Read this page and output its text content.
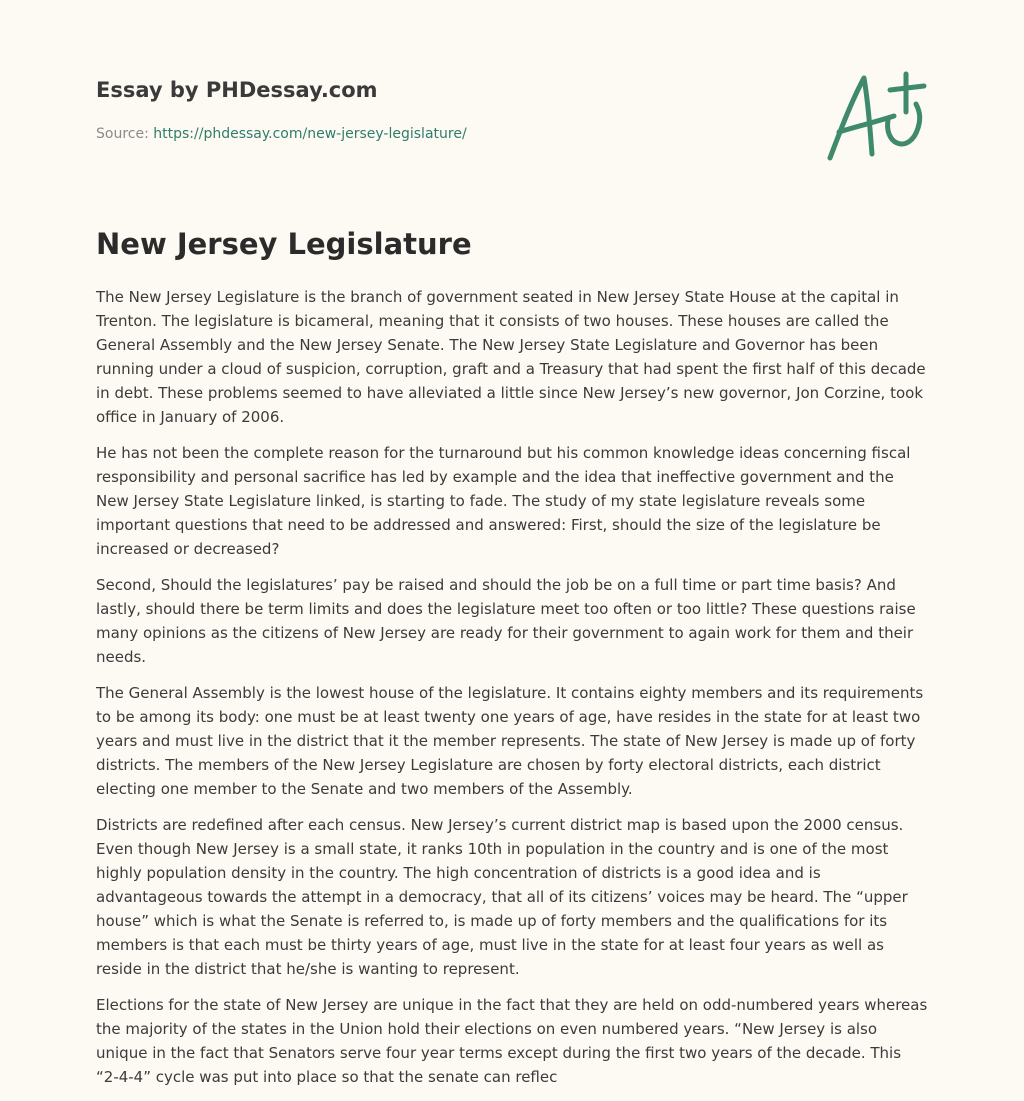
Essay by PHDessay.com
Source: https://phdessay.com/new-jersey-legislature/
New Jersey Legislature

The New Jersey Legislature is the branch of government seated in New Jersey State House at the capital in Trenton. The legislature is bicameral, meaning that it consists of two houses. These houses are called the General Assembly and the New Jersey Senate. The New Jersey State Legislature and Governor has been running under a cloud of suspicion, corruption, graft and a Treasury that had spent the first half of this decade in debt. These problems seemed to have alleviated a little since New Jersey’s new governor, Jon Corzine, took office in January of 2006.

He has not been the complete reason for the turnaround but his common knowledge ideas concerning fiscal responsibility and personal sacrifice has led by example and the idea that ineffective government and the New Jersey State Legislature linked, is starting to fade. The study of my state legislature reveals some important questions that need to be addressed and answered: First, should the size of the legislature be increased or decreased?

Second, Should the legislatures’ pay be raised and should the job be on a full time or part time basis? And lastly, should there be term limits and does the legislature meet too often or too little? These questions raise many opinions as the citizens of New Jersey are ready for their government to again work for them and their needs.

The General Assembly is the lowest house of the legislature. It contains eighty members and its requirements to be among its body: one must be at least twenty one years of age, have resides in the state for at least two years and must live in the district that it the member represents. The state of New Jersey is made up of forty districts. The members of the New Jersey Legislature are chosen by forty electoral districts, each district electing one member to the Senate and two members of the Assembly.

Districts are redefined after each census. New Jersey’s current district map is based upon the 2000 census. Even though New Jersey is a small state, it ranks 10th in population in the country and is one of the most highly population density in the country. The high concentration of districts is a good idea and is advantageous towards the attempt in a democracy, that all of its citizens’ voices may be heard. The “upper house” which is what the Senate is referred to, is made up of forty members and the qualifications for its members is that each must be thirty years of age, must live in the state for at least four years as well as reside in the district that he/she is wanting to represent.

Elections for the state of New Jersey are unique in the fact that they are held on odd-numbered years whereas the majority of the states in the Union hold their elections on even numbered years. “New Jersey is also unique in the fact that Senators serve four year terms except during the first two years of the decade. This “2-4-4” cycle was put into place so that the senate can reflec
